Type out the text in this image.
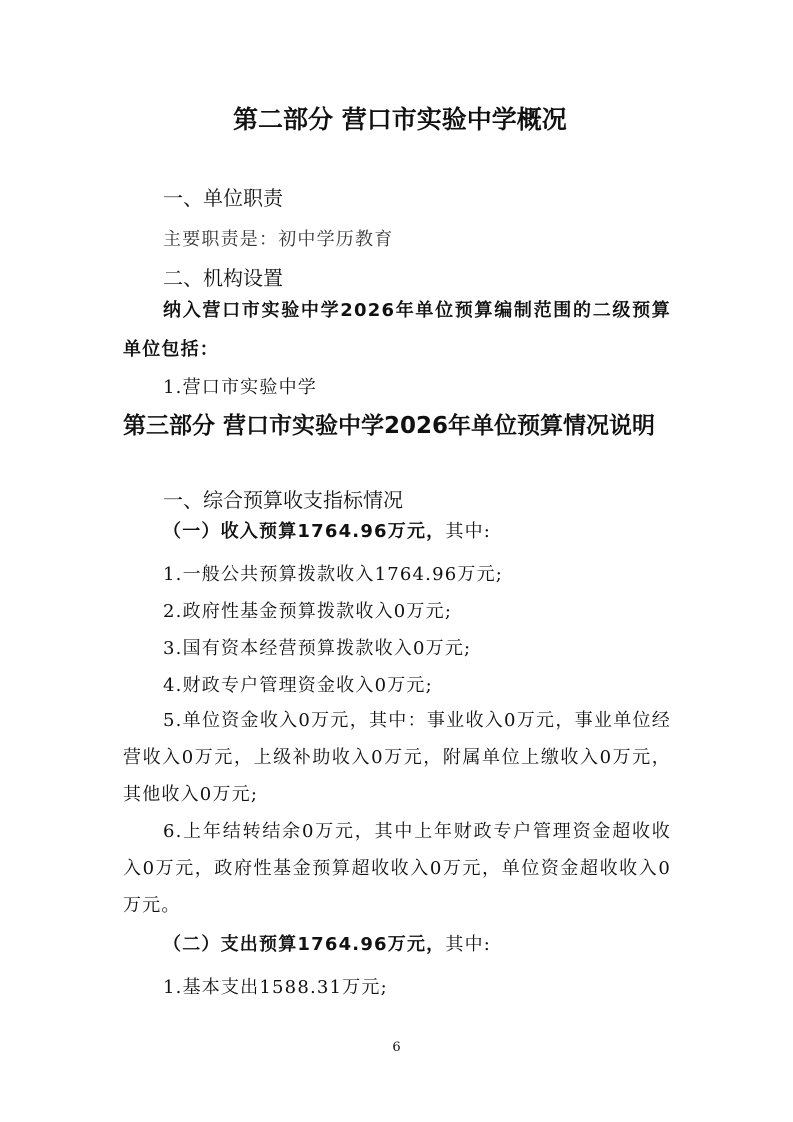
第二部分 营口市实验中学概况
一、单位职责
主要职责是：初中学历教育
二、机构设置
纳入营口市实验中学2026年单位预算编制范围的二级预算单位包括：
1.营口市实验中学
第三部分 营口市实验中学2026年单位预算情况说明
一、综合预算收支指标情况
（一）收入预算1764.96万元，其中:
1.一般公共预算拨款收入1764.96万元;
2.政府性基金预算拨款收入0万元;
3.国有资本经营预算拨款收入0万元;
4.财政专户管理资金收入0万元;
5.单位资金收入0万元，其中：事业收入0万元，事业单位经营收入0万元，上级补助收入0万元，附属单位上缴收入0万元，其他收入0万元;
6.上年结转结余0万元，其中上年财政专户管理资金超收收入0万元，政府性基金预算超收收入0万元，单位资金超收收入0万元。
（二）支出预算1764.96万元，其中:
1.基本支出1588.31万元;
6
